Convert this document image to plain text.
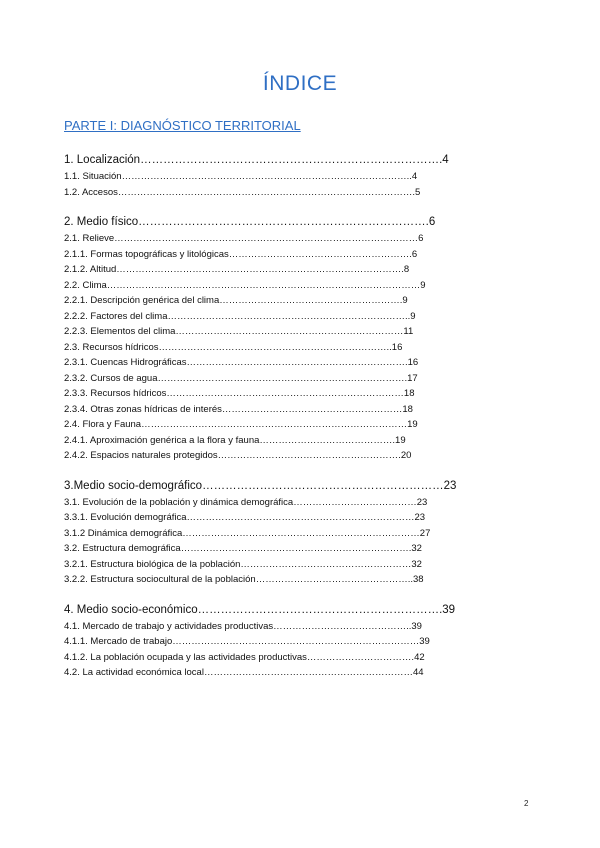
ÍNDICE
PARTE I: DIAGNÓSTICO TERRITORIAL
1. Localización…………………………………………………………………….4
1.1. Situación………………………………………………………………………………..4
1.2. Accesos………………………………………………………………………………….5
2. Medio físico………………………………………………………………….6
2.1. Relieve……………………………………………………………………………………6
2.1.1. Formas topográficas y litológicas………………………………………………….6
2.1.2. Altitud……………………………………………………………………………….8
2.2. Clima………………………………………………………………………………………9
2.2.1. Descripción genérica del clima………………………………………………….9
2.2.2. Factores del clima…………………………………………………………………..9
2.2.3. Elementos del clima………………………………………………………………11
2.3. Recursos hídricos………………………………………………………………..16
2.3.1. Cuencas Hidrográficas…………………………………………………………….16
2.3.2. Cursos de agua…………………………………………………………………….17
2.3.3. Recursos hídricos…………………………………………………………………18
2.3.4. Otras zonas hídricas de interés…………………………………………………18
2.4. Flora y Fauna…………………………………………………………………………19
2.4.1. Aproximación genérica a la flora y fauna…………………………………….19
2.4.2. Espacios naturales protegidos………………………………………………….20
3.Medio socio-demográfico………………………………………………………23
3.1. Evolución de la población y dinámica demográfica…………………………………23
3.3.1. Evolución demográfica………………………………………………………………23
3.1.2 Dinámica demográfica…………………………………………………………………27
3.2. Estructura demográfica……………………………………………………………….32
3.2.1. Estructura biológica de la población………………………………………………32
3.2.2. Estructura sociocultural de la población…………………………………………..38
4. Medio socio-económico……………………………………………………….39
4.1. Mercado de trabajo y actividades productivas……………………………………..39
4.1.1. Mercado de trabajo……………………………………………………………………39
4.1.2. La población ocupada y las actividades productivas…………………………….42
4.2. La actividad económica local…………………………………………………………44
2
